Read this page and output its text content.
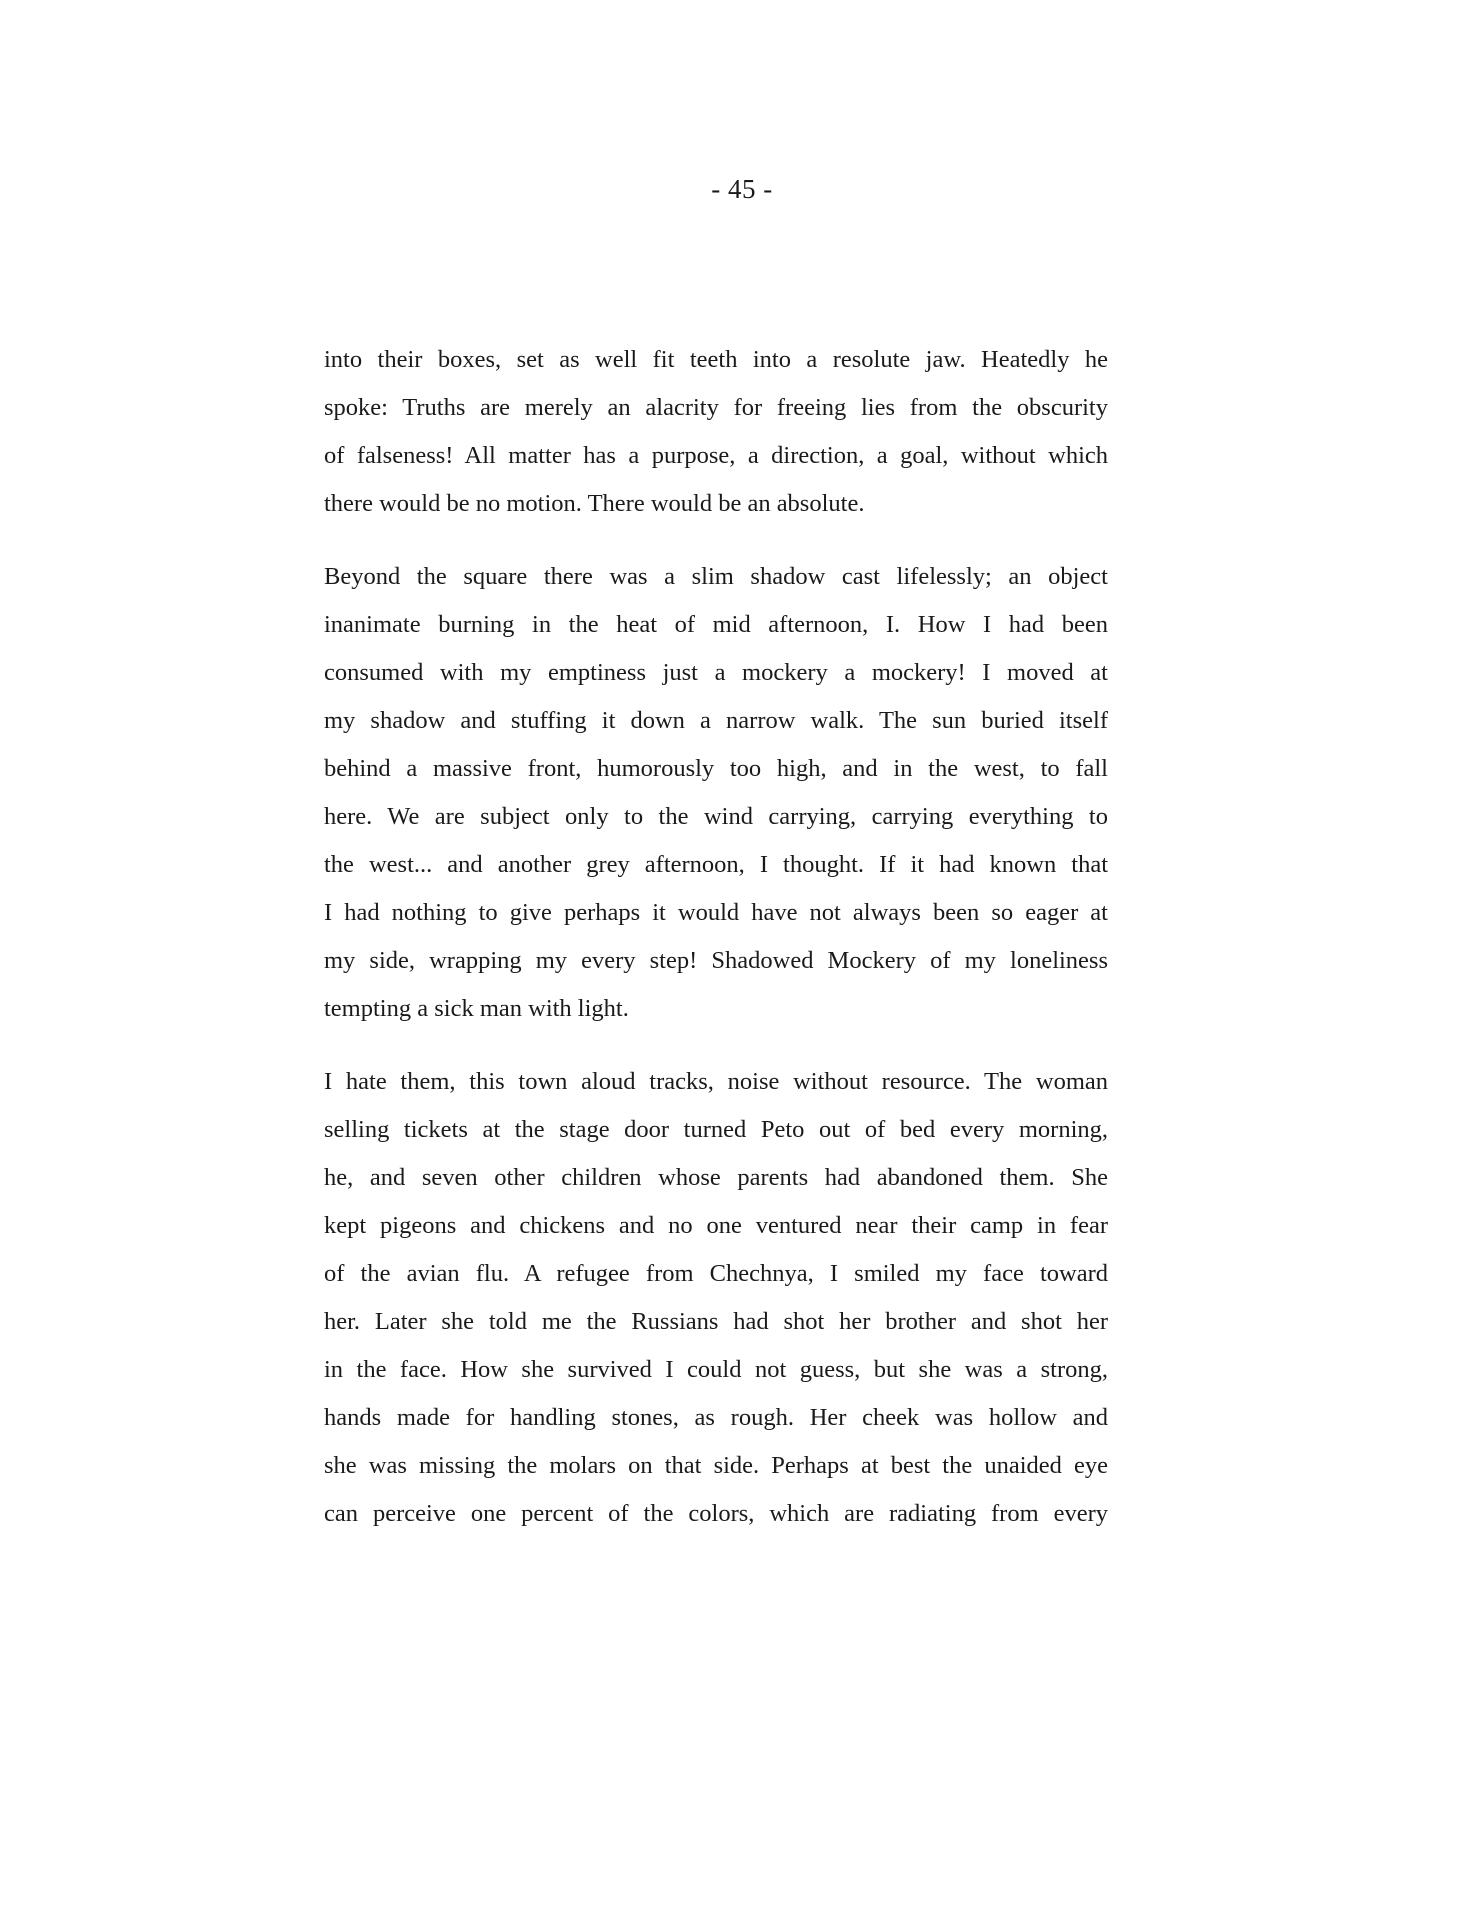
- 45 -
into their boxes, set as well fit teeth into a resolute jaw. Heatedly he
spoke: Truths are merely an alacrity for freeing lies from the obscurity
of falseness! All matter has a purpose, a direction, a goal, without which
there would be no motion. There would be an absolute.
Beyond the square there was a slim shadow cast lifelessly; an object
inanimate burning in the heat of mid afternoon, I. How I had been
consumed with my emptiness just a mockery a mockery! I moved at
my shadow and stuffing it down a narrow walk. The sun buried itself
behind a massive front, humorously too high, and in the west, to fall
here. We are subject only to the wind carrying, carrying everything to
the west... and another grey afternoon, I thought. If it had known that
I had nothing to give perhaps it would have not always been so eager at
my side, wrapping my every step! Shadowed Mockery of my loneliness
tempting a sick man with light.
I hate them, this town aloud tracks, noise without resource. The woman
selling tickets at the stage door turned Peto out of bed every morning,
he, and seven other children whose parents had abandoned them. She
kept pigeons and chickens and no one ventured near their camp in fear
of the avian flu. A refugee from Chechnya, I smiled my face toward
her. Later she told me the Russians had shot her brother and shot her
in the face. How she survived I could not guess, but she was a strong,
hands made for handling stones, as rough. Her cheek was hollow and
she was missing the molars on that side. Perhaps at best the unaided eye
can perceive one percent of the colors, which are radiating from every
